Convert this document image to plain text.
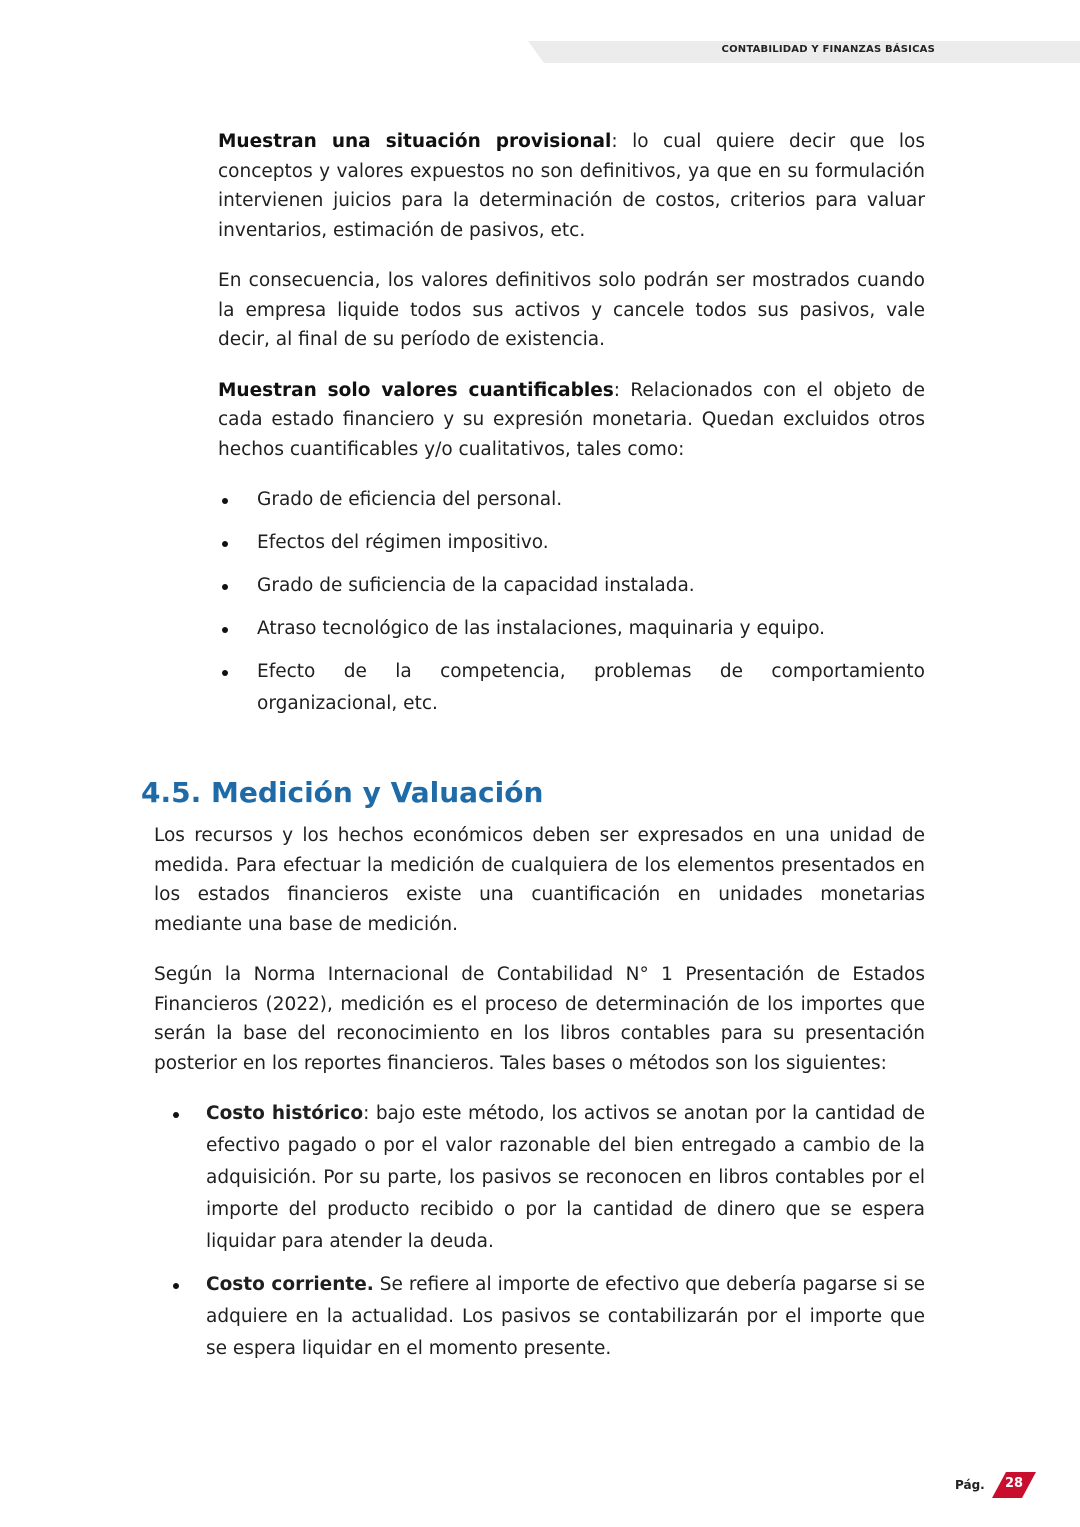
CONTABILIDAD Y FINANZAS BÁSICAS

Muestran una situación provisional: lo cual quiere decir que los conceptos y valores expuestos no son definitivos, ya que en su formulación intervienen juicios para la determinación de costos, criterios para valuar inventarios, estimación de pasivos, etc.

En consecuencia, los valores definitivos solo podrán ser mostrados cuando la empresa liquide todos sus activos y cancele todos sus pasivos, vale decir, al final de su período de existencia.

Muestran solo valores cuantificables: Relacionados con el objeto de cada estado financiero y su expresión monetaria. Quedan excluidos otros hechos cuantificables y/o cualitativos, tales como:

Grado de eficiencia del personal.
Efectos del régimen impositivo.
Grado de suficiencia de la capacidad instalada.
Atraso tecnológico de las instalaciones, maquinaria y equipo.
Efecto de la competencia, problemas de comportamiento organizacional, etc.
4.5. Medición y Valuación

Los recursos y los hechos económicos deben ser expresados en una unidad de medida. Para efectuar la medición de cualquiera de los elementos presentados en los estados financieros existe una cuantificación en unidades monetarias mediante una base de medición.

Según la Norma Internacional de Contabilidad N° 1 Presentación de Estados Financieros (2022), medición es el proceso de determinación de los importes que serán la base del reconocimiento en los libros contables para su presentación posterior en los reportes financieros. Tales bases o métodos son los siguientes:

Costo histórico: bajo este método, los activos se anotan por la cantidad de efectivo pagado o por el valor razonable del bien entregado a cambio de la adquisición. Por su parte, los pasivos se reconocen en libros contables por el importe del producto recibido o por la cantidad de dinero que se espera liquidar para atender la deuda.
Costo corriente. Se refiere al importe de efectivo que debería pagarse si se adquiere en la actualidad. Los pasivos se contabilizarán por el importe que se espera liquidar en el momento presente.
Pág.	28
